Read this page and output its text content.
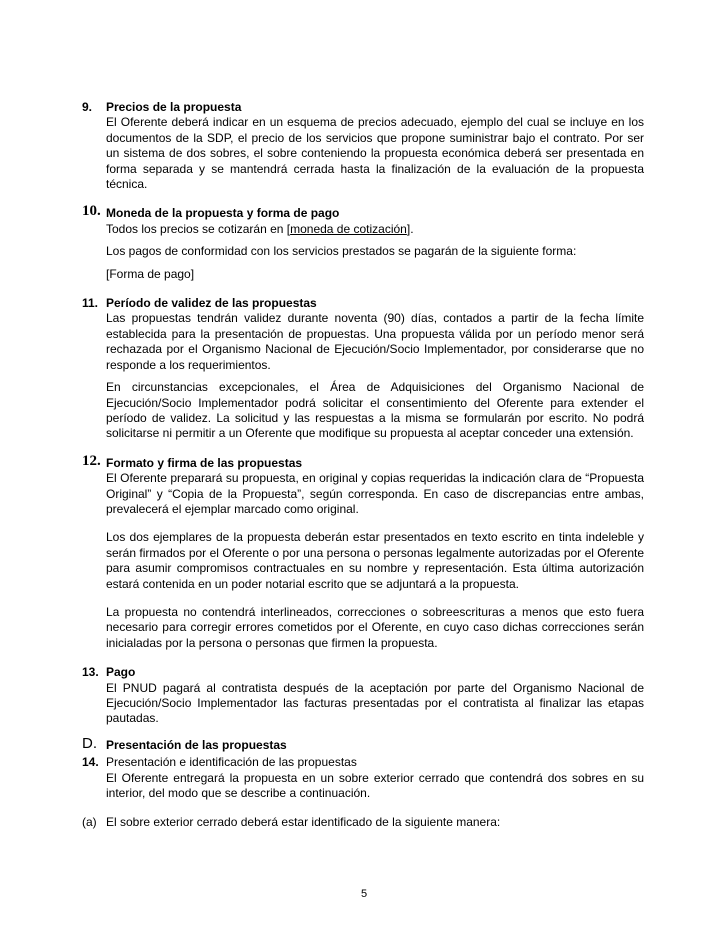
9. Precios de la propuesta

El Oferente deberá indicar en un esquema de precios adecuado, ejemplo del cual se incluye en los documentos de la SDP, el precio de los servicios que propone suministrar bajo el contrato. Por ser un sistema de dos sobres, el sobre conteniendo la propuesta económica deberá ser presentada en forma separada y se mantendrá cerrada hasta la finalización de la evaluación de la propuesta técnica.

10. Moneda de la propuesta y forma de pago

Todos los precios se cotizarán en [moneda de cotización].

Los pagos de conformidad con los servicios prestados se pagarán de la siguiente forma:

[Forma de pago]

11. Período de validez de las propuestas

Las propuestas tendrán validez durante noventa (90) días, contados a partir de la fecha límite establecida para la presentación de propuestas. Una propuesta válida por un período menor será rechazada por el Organismo Nacional de Ejecución/Socio Implementador, por considerarse que no responde a los requerimientos.

En circunstancias excepcionales, el Área de Adquisiciones del Organismo Nacional de Ejecución/Socio Implementador podrá solicitar el consentimiento del Oferente para extender el período de validez. La solicitud y las respuestas a la misma se formularán por escrito. No podrá solicitarse ni permitir a un Oferente que modifique su propuesta al aceptar conceder una extensión.

12. Formato y firma de las propuestas

El Oferente preparará su propuesta, en original y copias requeridas la indicación clara de “Propuesta Original” y “Copia de la Propuesta”, según corresponda. En caso de discrepancias entre ambas, prevalecerá el ejemplar marcado como original.

Los dos ejemplares de la propuesta deberán estar presentados en texto escrito en tinta indeleble y serán firmados por el Oferente o por una persona o personas legalmente autorizadas por el Oferente para asumir compromisos contractuales en su nombre y representación. Esta última autorización estará contenida en un poder notarial escrito que se adjuntará a la propuesta.

La propuesta no contendrá interlineados, correcciones o sobreescrituras a menos que esto fuera necesario para corregir errores cometidos por el Oferente, en cuyo caso dichas correcciones serán inicialadas por la persona o personas que firmen la propuesta.

13. Pago

El PNUD pagará al contratista después de la aceptación por parte del Organismo Nacional de Ejecución/Socio Implementador las facturas presentadas por el contratista al finalizar las etapas pautadas.

D. Presentación de las propuestas
14. Presentación e identificación de las propuestas

El Oferente entregará la propuesta en un sobre exterior cerrado que contendrá dos sobres en su interior, del modo que se describe a continuación.

(a) El sobre exterior cerrado deberá estar identificado de la siguiente manera:

5
